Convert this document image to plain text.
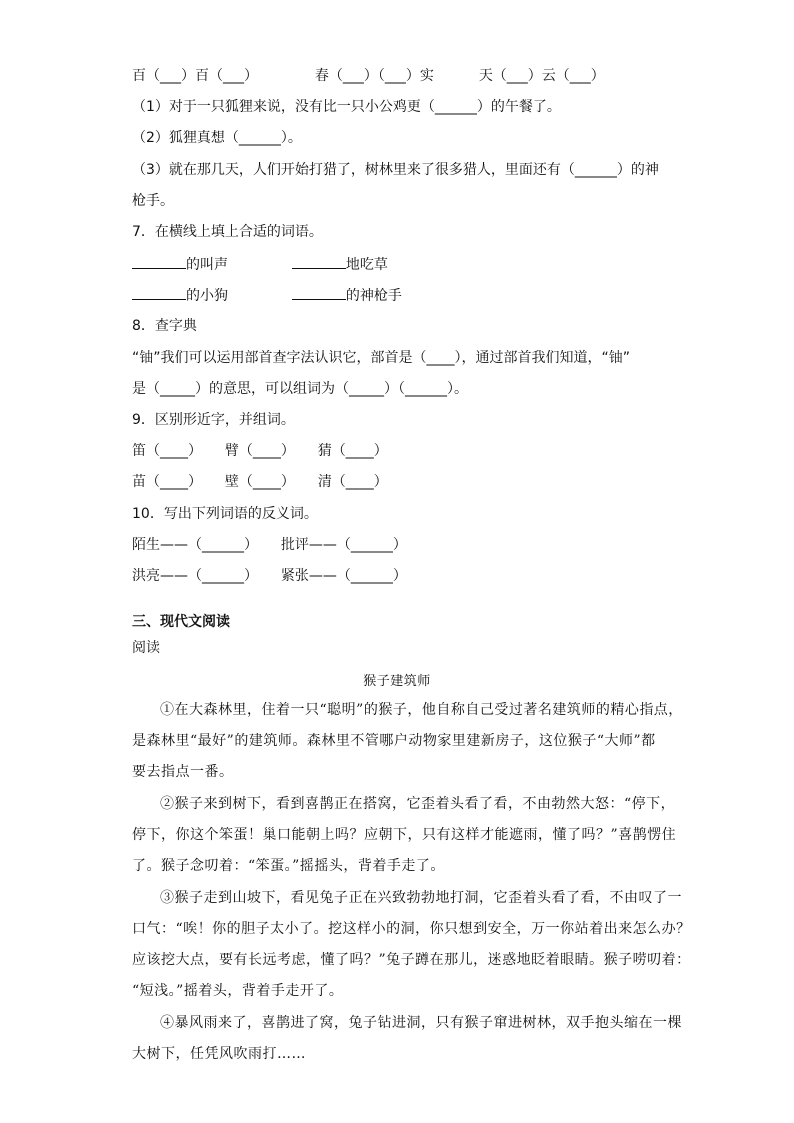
百（___）百（___）	春（___）（___）实	天（___）云（___）
（1）对于一只狐狸来说，没有比一只小公鸡更（______）的午餐了。
（2）狐狸真想（______）。
（3）就在那几天，人们开始打猎了，树林里来了很多猎人，里面还有（______）的神
枪手。
7．在横线上填上合适的词语。
的叫声	地吃草
的小狗	的神枪手
8．查字典
“铀”我们可以运用部首查字法认识它，部首是（____），通过部首我们知道，“铀”
是（_____）的意思，可以组词为（_____）（______）。
9．区别形近字，并组词。
笛（____） 臂（____） 猜（____）
苗（____） 壁（____） 清（____）
10．写出下列词语的反义词。
陌生——（______） 批评——（______）
洪亮——（______） 紧张——（______）
三、现代文阅读
阅读
猴子建筑师
①在大森林里，住着一只“聪明”的猴子，他自称自己受过著名建筑师的精心指点，
是森林里“最好”的建筑师。森林里不管哪户动物家里建新房子，这位猴子“大师”都
要去指点一番。
②猴子来到树下，看到喜鹊正在搭窝，它歪着头看了看，不由勃然大怒：“停下，
停下，你这个笨蛋！巢口能朝上吗？应朝下，只有这样才能遮雨，懂了吗？”喜鹊愣住
了。猴子念叨着：“笨蛋。”摇摇头，背着手走了。
③猴子走到山坡下，看见兔子正在兴致勃勃地打洞，它歪着头看了看，不由叹了一
口气：“唉！你的胆子太小了。挖这样小的洞，你只想到安全，万一你站着出来怎么办？
应该挖大点，要有长远考虑，懂了吗？”兔子蹲在那儿，迷惑地眨着眼睛。猴子唠叨着：
“短浅。”摇着头，背着手走开了。
④暴风雨来了，喜鹊进了窝，兔子钻进洞，只有猴子窜进树林，双手抱头缩在一棵
大树下，任凭风吹雨打……
